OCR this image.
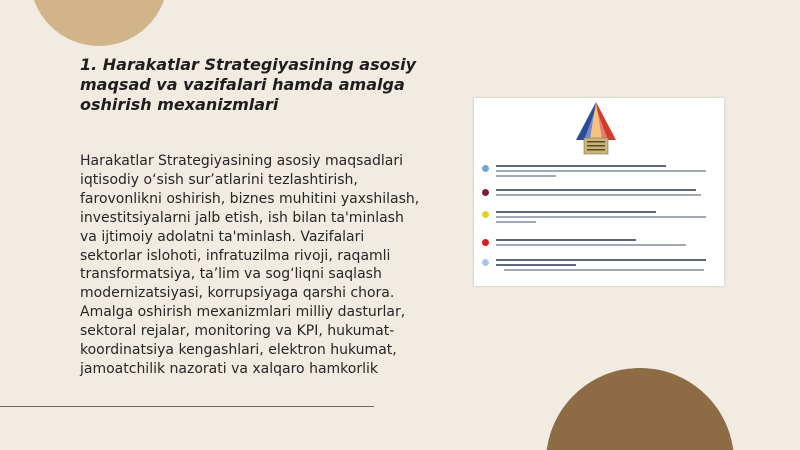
1. Harakatlar Strategiyasining asosiy maqsad va vazifalari hamda amalga oshirish mexanizmlari

Harakatlar Strategiyasining asosiy maqsadlari iqtisodiy o‘sish sur’atlarini tezlashtirish, farovonlikni oshirish, biznes muhitini yaxshilash, investitsiyalarni jalb etish, ish bilan ta'minlash va ijtimoiy adolatni ta'minlash. Vazifalari sektorlar islohoti, infratuzilma rivoji, raqamli transformatsiya, ta’lim va sog‘liqni saqlash modernizatsiyasi, korrupsiyaga qarshi chora. Amalga oshirish mexanizmlari milliy dasturlar, sektoral rejalar, monitoring va KPI, hukumat-koordinatsiya kengashlari, elektron hukumat, jamoatchilik nazorati va xalqaro hamkorlik
